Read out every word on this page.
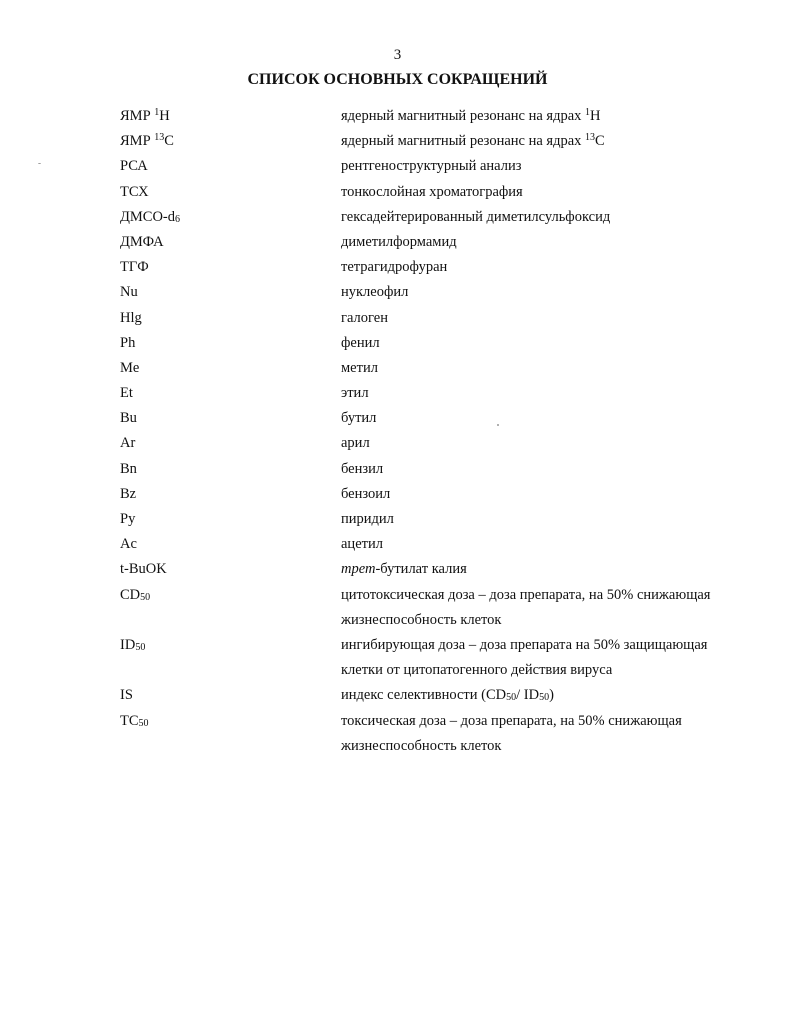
3
СПИСОК ОСНОВНЫХ СОКРАЩЕНИЙ
ЯМР $^1$H	ядерный магнитный резонанс на ядрах $^1$H
ЯМР $^{13}$C	ядерный магнитный резонанс на ядрах $^{13}$C
РСА	рентгеноструктурный анализ
ТСХ	тонкослойная хроматография
ДМСО-$d_6$	гексадейтерированный диметилсульфоксид
ДМФА	диметилформамид
ТГФ	тетрагидрофуран
Nu	нуклеофил
Hlg	галоген
Ph	фенил
Me	метил
Et	этил
Bu	бутил
Ar	арил
Bn	бензил
Bz	бензоил
Py	пиридил
Ac	ацетил
t-BuOK	трет-бутилат калия
$CD_{50}$	цитотоксическая доза – доза препарата, на 50% снижающая жизнеспособность клеток
$ID_{50}$	ингибирующая доза – доза препарата на 50% защищающая клетки от цитопатогенного действия вируса
IS	индекс селективности ($CD_{50}/$ $ID_{50}$)
$TC_{50}$	токсическая доза – доза препарата, на 50% снижающая жизнеспособность клеток
